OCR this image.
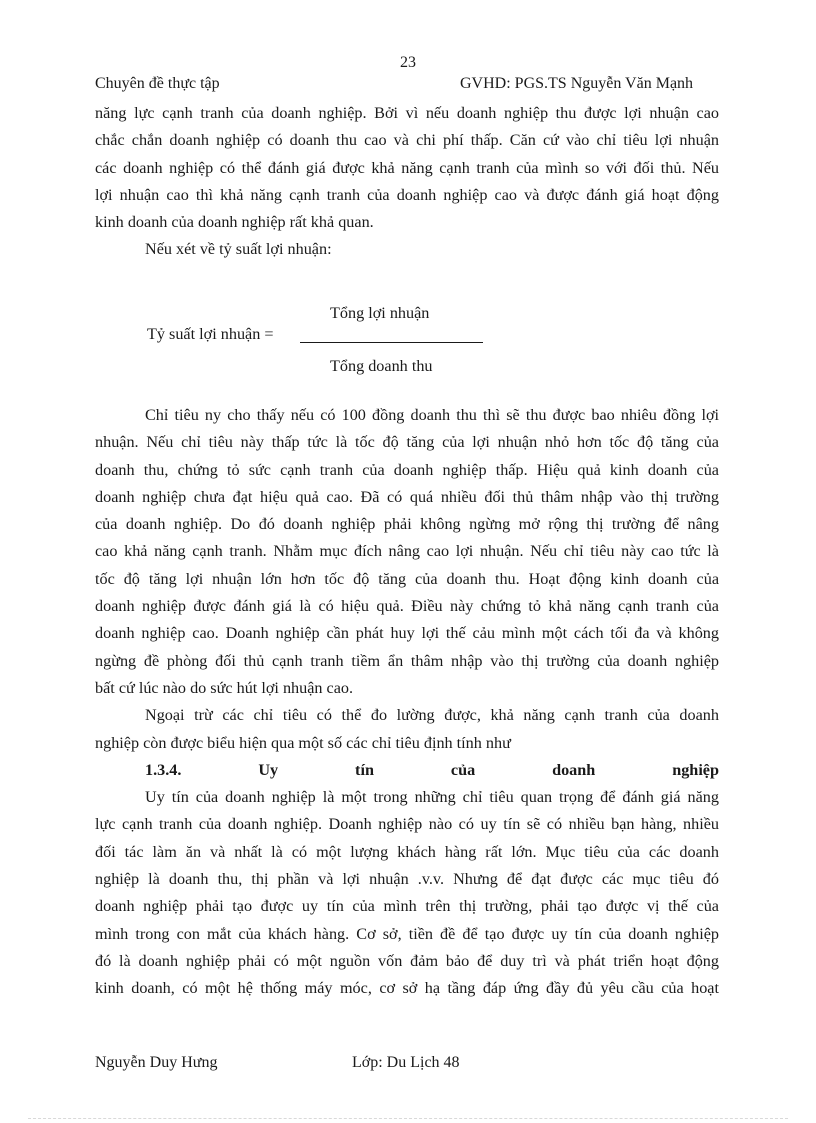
23
Chuyên đề thực tập	GVHD: PGS.TS Nguyễn Văn Mạnh

năng lực cạnh tranh của doanh nghiệp. Bởi vì nếu doanh nghiệp thu được lợi nhuận cao

chắc chắn doanh nghiệp có doanh thu cao và chi phí thấp. Căn cứ vào chỉ tiêu lợi nhuận

các doanh nghiệp có thể đánh giá được khả năng cạnh tranh của mình so với đối thủ. Nếu

lợi nhuận cao thì khả năng cạnh tranh của doanh nghiệp cao và được đánh giá hoạt động

kinh doanh của doanh nghiệp rất khả quan.

Nếu xét về tỷ suất lợi nhuận:

Tỷ suất lợi nhuận =
Tổng lợi nhuận
Tổng doanh thu

Chỉ tiêu ny cho thấy nếu có 100 đồng doanh thu thì sẽ thu được bao nhiêu đồng lợi

nhuận. Nếu chỉ tiêu này thấp tức là tốc độ tăng của lợi nhuận nhỏ hơn tốc độ tăng của

doanh thu, chứng tỏ sức cạnh tranh của doanh nghiệp thấp. Hiệu quả kinh doanh của

doanh nghiệp chưa đạt hiệu quả cao. Đã có quá nhiều đối thủ thâm nhập vào thị trường

của doanh nghiệp. Do đó doanh nghiệp phải không ngừng mở rộng thị trường để nâng

cao khả năng cạnh tranh. Nhằm mục đích nâng cao lợi nhuận. Nếu chỉ tiêu này cao tức là

tốc độ tăng lợi nhuận lớn hơn tốc độ tăng của doanh thu. Hoạt động kinh doanh của

doanh nghiệp được đánh giá là có hiệu quả. Điều này chứng tỏ khả năng cạnh tranh của

doanh nghiệp cao. Doanh nghiệp cần phát huy lợi thế cảu mình một cách tối đa và không

ngừng đề phòng đối thủ cạnh tranh tiềm ẩn thâm nhập vào thị trường của doanh nghiệp

bất cứ lúc nào do sức hút lợi nhuận cao.

Ngoại trừ các chỉ tiêu có thể đo lường được, khả năng cạnh tranh của doanh

nghiệp còn được biểu hiện qua một số các chỉ tiêu định tính như

1.3.4. Uy tín của doanh nghiệp

Uy tín của doanh nghiệp là một trong những chỉ tiêu quan trọng để đánh giá năng

lực cạnh tranh của doanh nghiệp. Doanh nghiệp nào có uy tín sẽ có nhiều bạn hàng, nhiều

đối tác làm ăn và nhất là có một lượng khách hàng rất lớn. Mục tiêu của các doanh

nghiệp là doanh thu, thị phần và lợi nhuận .v.v. Nhưng để đạt được các mục tiêu đó

doanh nghiệp phải tạo được uy tín của mình trên thị trường, phải tạo được vị thế của

mình trong con mắt của khách hàng. Cơ sở, tiền đề để tạo được uy tín của doanh nghiệp

đó là doanh nghiệp phải có một nguồn vốn đảm bảo để duy trì và phát triển hoạt động

kinh doanh, có một hệ thống máy móc, cơ sở hạ tầng đáp ứng đầy đủ yêu cầu của hoạt

Nguyễn Duy Hưng	Lớp: Du Lịch 48
